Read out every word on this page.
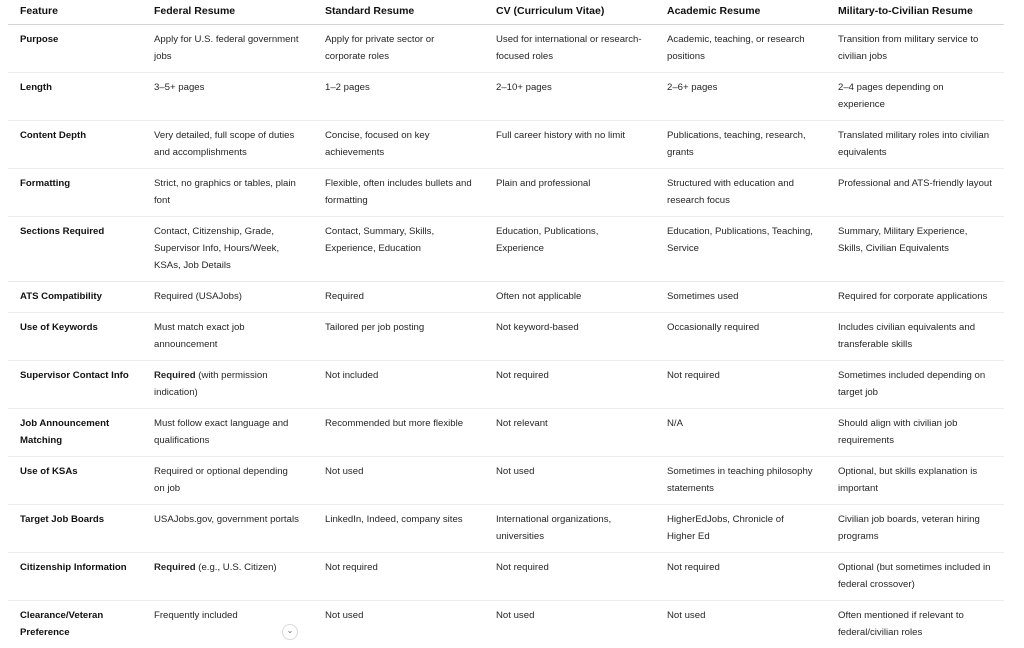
Feature	Federal Resume	Standard Resume	CV (Curriculum Vitae)	Academic Resume	Military-to-Civilian Resume
Purpose	Apply for U.S. federal government jobs	Apply for private sector or corporate roles	Used for international or research-focused roles	Academic, teaching, or research positions	Transition from military service to civilian jobs
Length	3–5+ pages	1–2 pages	2–10+ pages	2–6+ pages	2–4 pages depending on experience
Content Depth	Very detailed, full scope of duties and accomplishments	Concise, focused on key achievements	Full career history with no limit	Publications, teaching, research, grants	Translated military roles into civilian equivalents
Formatting	Strict, no graphics or tables, plain font	Flexible, often includes bullets and formatting	Plain and professional	Structured with education and research focus	Professional and ATS-friendly layout
Sections Required	Contact, Citizenship, Grade, Supervisor Info, Hours/Week, KSAs, Job Details	Contact, Summary, Skills, Experience, Education	Education, Publications, Experience	Education, Publications, Teaching, Service	Summary, Military Experience, Skills, Civilian Equivalents
ATS Compatibility	Required (USAJobs)	Required	Often not applicable	Sometimes used	Required for corporate applications
Use of Keywords	Must match exact job announcement	Tailored per job posting	Not keyword-based	Occasionally required	Includes civilian equivalents and transferable skills
Supervisor Contact Info	Required (with permission indication)	Not included	Not required	Not required	Sometimes included depending on target job
Job Announcement Matching	Must follow exact language and qualifications	Recommended but more flexible	Not relevant	N/A	Should align with civilian job requirements
Use of KSAs	Required or optional depending on job	Not used	Not used	Sometimes in teaching philosophy statements	Optional, but skills explanation is important
Target Job Boards	USAJobs.gov, government portals	LinkedIn, Indeed, company sites	International organizations, universities	HigherEdJobs, Chronicle of Higher Ed	Civilian job boards, veteran hiring programs
Citizenship Information	Required (e.g., U.S. Citizen)	Not required	Not required	Not required	Optional (but sometimes included in federal crossover)
Clearance/Veteran Preference	Frequently included	Not used	Not used	Not used	Often mentioned if relevant to federal/civilian roles
⌄
